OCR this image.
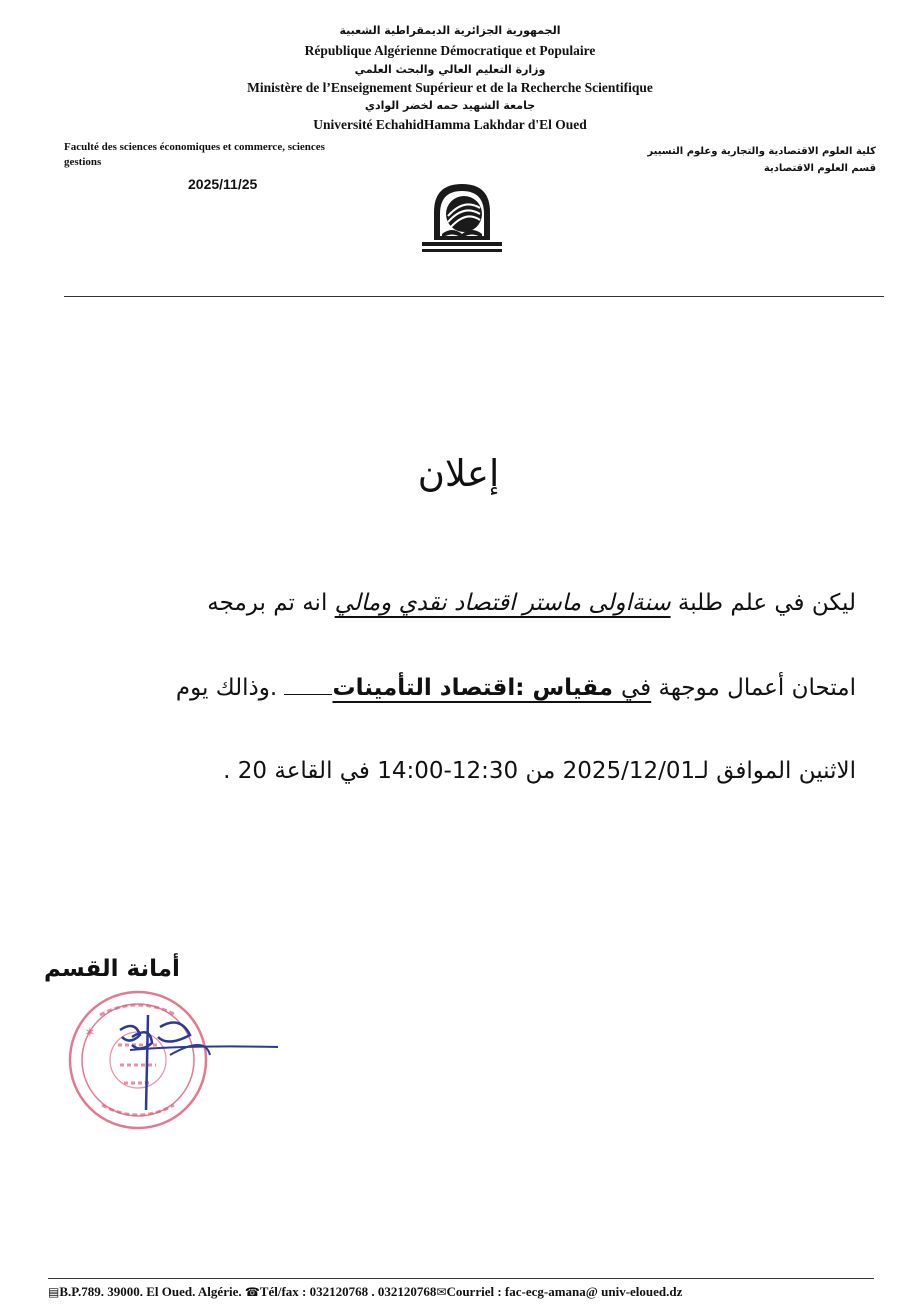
الجمهورية الجزائرية الديمقراطية الشعبية
République Algérienne Démocratique et Populaire
وزارة التعليم العالي والبحث العلمي
Ministère de l’Enseignement Supérieur et de la Recherche Scientifique
جامعة الشهيد حمه لخضر الوادي
Université EchahidHamma Lakhdar d'El Oued
Faculté des sciences économiques et commerce, sciences
gestions
2025/11/25
كلية العلوم الاقتصادية والتجارية وعلوم التسيير
قسم العلوم الاقتصادية
إعلان
ليكن في علم طلبة سنةاولى ماستر اقتصاد نقدي ومالي انه تم برمجه
امتحان أعمال موجهة في مقياس :اقتصاد التأمينات .وذالك يوم
الاثنين الموافق لـ2025/12/01 من 12:30-14:00 في القاعة 20 .
أمانة القسم
✶
▤B.P.789. 39000. El Oued. Algérie. ☎Tél/fax : 032120768 . 032120768✉Courriel : fac-ecg-amana@ univ-eloued.dz
